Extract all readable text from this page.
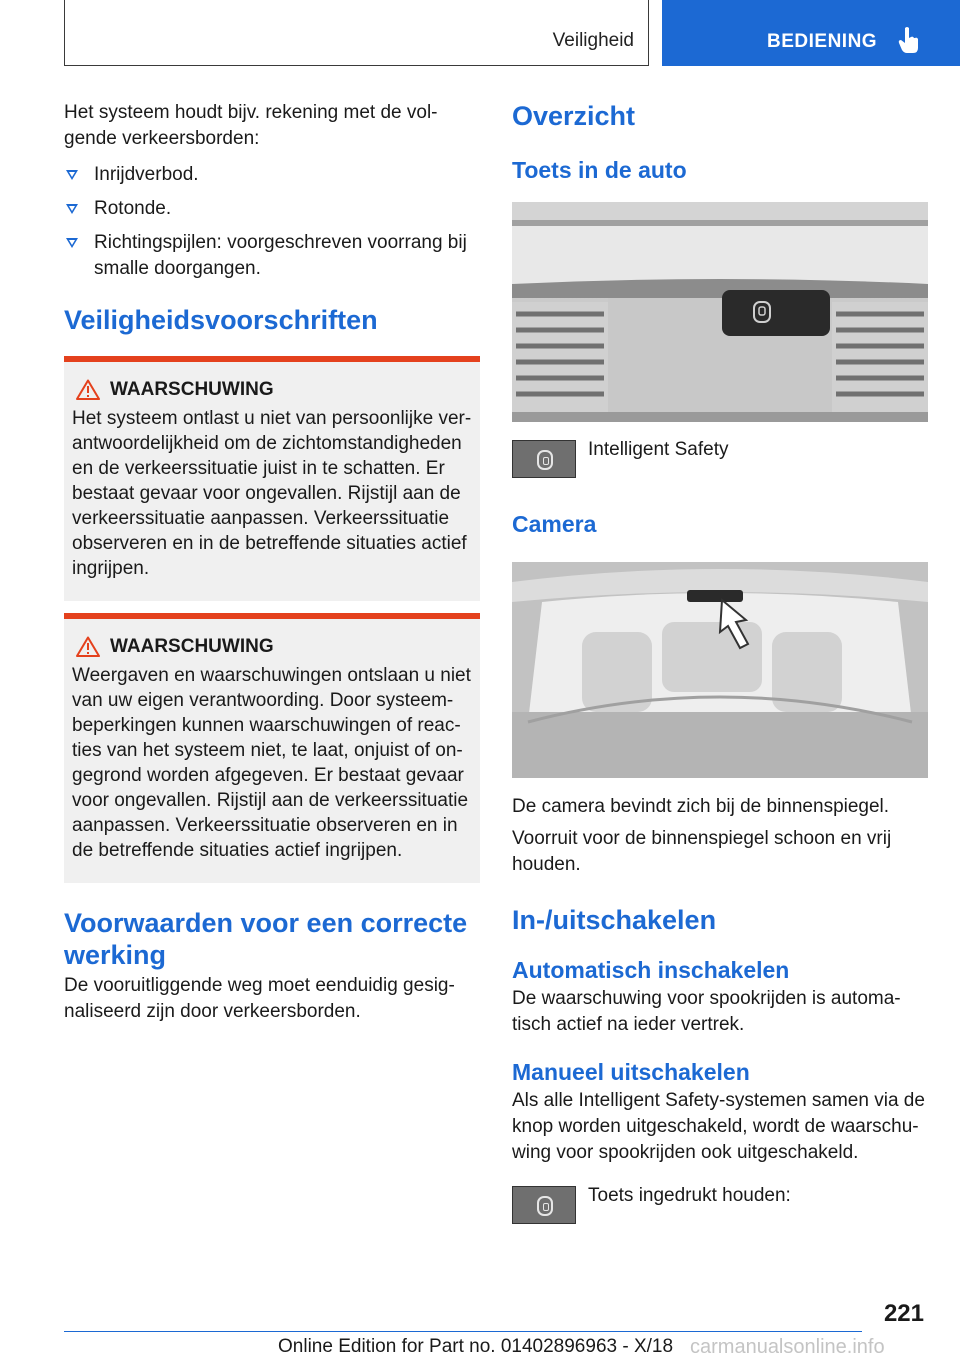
Veiligheid	BEDIENING

Het systeem houdt bijv. rekening met de vol-gende verkeersborden:

Inrijdverbod.
Rotonde.
Richtingspijlen: voorgeschreven voorrang bij smalle doorgangen.
Veiligheidsvoorschriften
WAARSCHUWING

Het systeem ontlast u niet van persoonlijke ver-antwoordelijkheid om de zichtomstandigheden en de verkeerssituatie juist in te schatten. Er bestaat gevaar voor ongevallen. Rijstijl aan de verkeerssituatie aanpassen. Verkeerssituatie observeren en in de betreffende situaties actief ingrijpen.

WAARSCHUWING

Weergaven en waarschuwingen ontslaan u niet van uw eigen verantwoording. Door systeem-beperkingen kunnen waarschuwingen of reac-ties van het systeem niet, te laat, onjuist of on-gegrond worden afgegeven. Er bestaat gevaar voor ongevallen. Rijstijl aan de verkeerssituatie aanpassen. Verkeerssituatie observeren en in de betreffende situaties actief ingrijpen.

Voorwaarden voor een correcte werking

De vooruitliggende weg moet eenduidig gesig-naliseerd zijn door verkeersborden.

Overzicht
Toets in de auto
Intelligent Safety
Camera

De camera bevindt zich bij de binnenspiegel.

Voorruit voor de binnenspiegel schoon en vrij houden.

In-/uitschakelen
Automatisch inschakelen

De waarschuwing voor spookrijden is automa-tisch actief na ieder vertrek.

Manueel uitschakelen

Als alle Intelligent Safety-systemen samen via de knop worden uitgeschakeld, wordt de waarschu-wing voor spookrijden ook uitgeschakeld.

Toets ingedrukt houden:
221
Online Edition for Part no. 01402896963 - X/18 carmanualsonline.info
